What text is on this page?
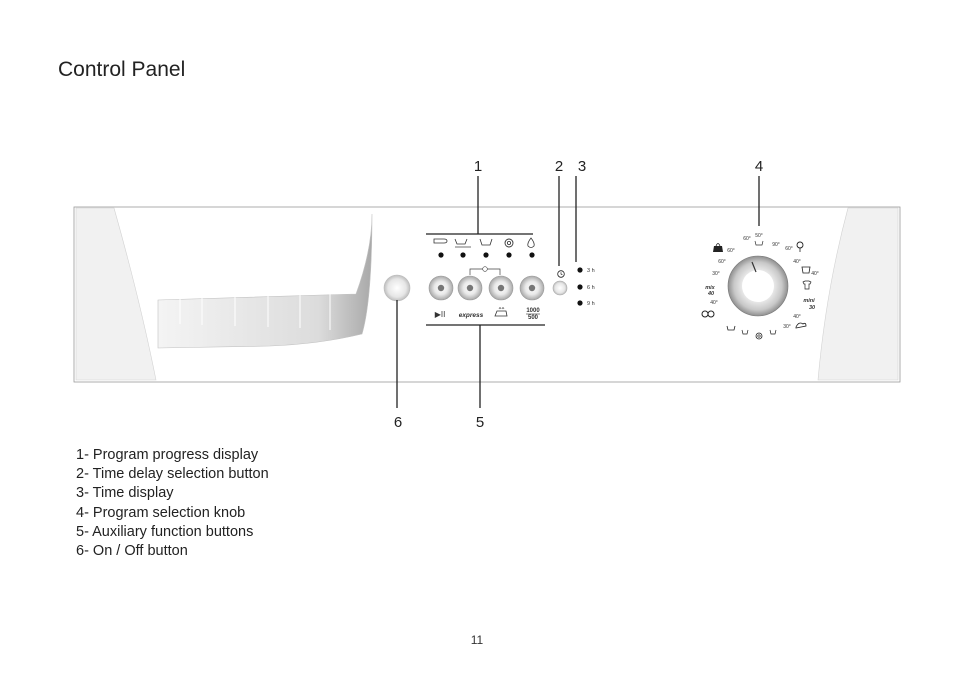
Control Panel
▶II express
1000
500
3 h
6 h
9 h
50°
60°
90°
60°
40°
60°
60°
40°
30°
mix
40
mini
30
40°
30°
40°
1	2 3	4
6	5
1- Program progress display
2- Time delay selection button
3- Time display
4- Program selection knob
5- Auxiliary function buttons
6- On / Off button
11
